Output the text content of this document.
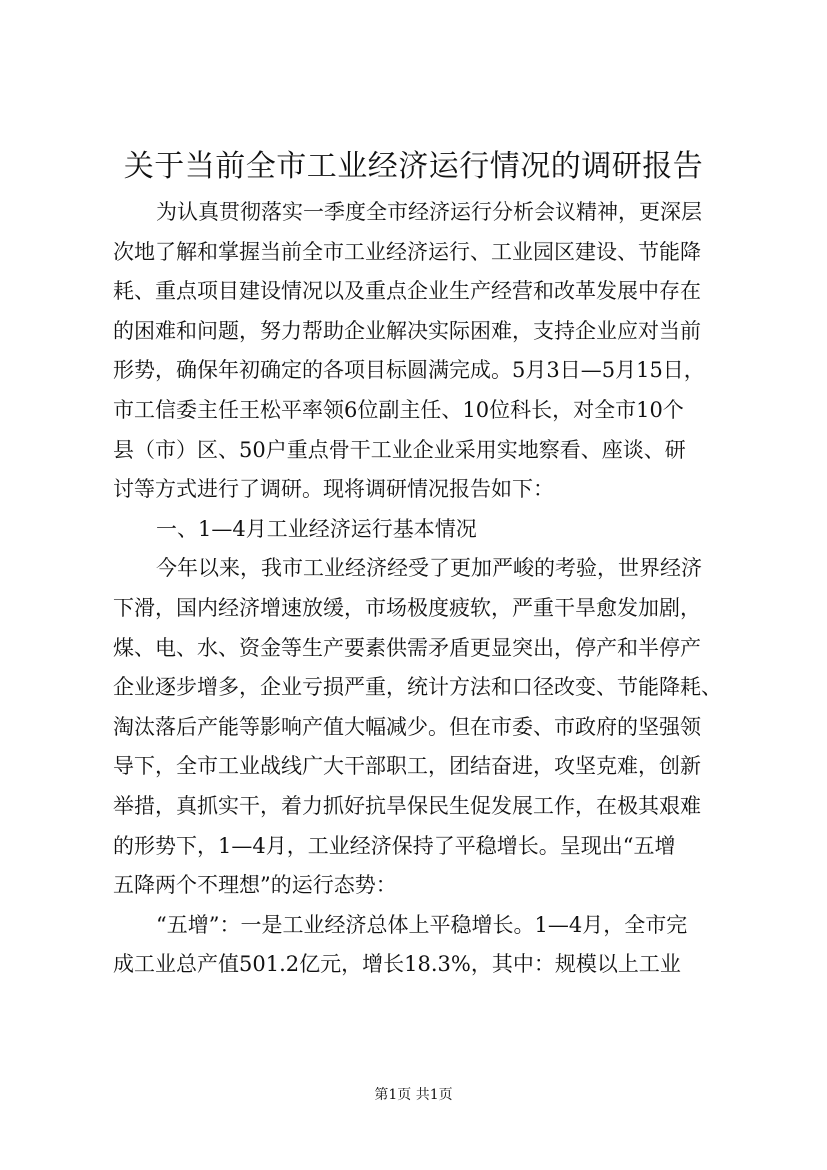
关于当前全市工业经济运行情况的调研报告
为认真贯彻落实一季度全市经济运行分析会议精神，更深层
次地了解和掌握当前全市工业经济运行、工业园区建设、节能降
耗、重点项目建设情况以及重点企业生产经营和改革发展中存在
的困难和问题，努力帮助企业解决实际困难，支持企业应对当前
形势，确保年初确定的各项目标圆满完成。5月3日—5月15日，
市工信委主任王松平率领6位副主任、10位科长，对全市10个
县（市）区、50户重点骨干工业企业采用实地察看、座谈、研
讨等方式进行了调研。现将调研情况报告如下：
一、1—4月工业经济运行基本情况
今年以来，我市工业经济经受了更加严峻的考验，世界经济
下滑，国内经济增速放缓，市场极度疲软，严重干旱愈发加剧，
煤、电、水、资金等生产要素供需矛盾更显突出，停产和半停产
企业逐步增多，企业亏损严重，统计方法和口径改变、节能降耗、
淘汰落后产能等影响产值大幅减少。但在市委、市政府的坚强领
导下，全市工业战线广大干部职工，团结奋进，攻坚克难，创新
举措，真抓实干，着力抓好抗旱保民生促发展工作，在极其艰难
的形势下，1—4月，工业经济保持了平稳增长。呈现出“五增
五降两个不理想”的运行态势：
“五增”：一是工业经济总体上平稳增长。1—4月，全市完
成工业总产值501.2亿元，增长18.3%，其中：规模以上工业
第1页 共1页
